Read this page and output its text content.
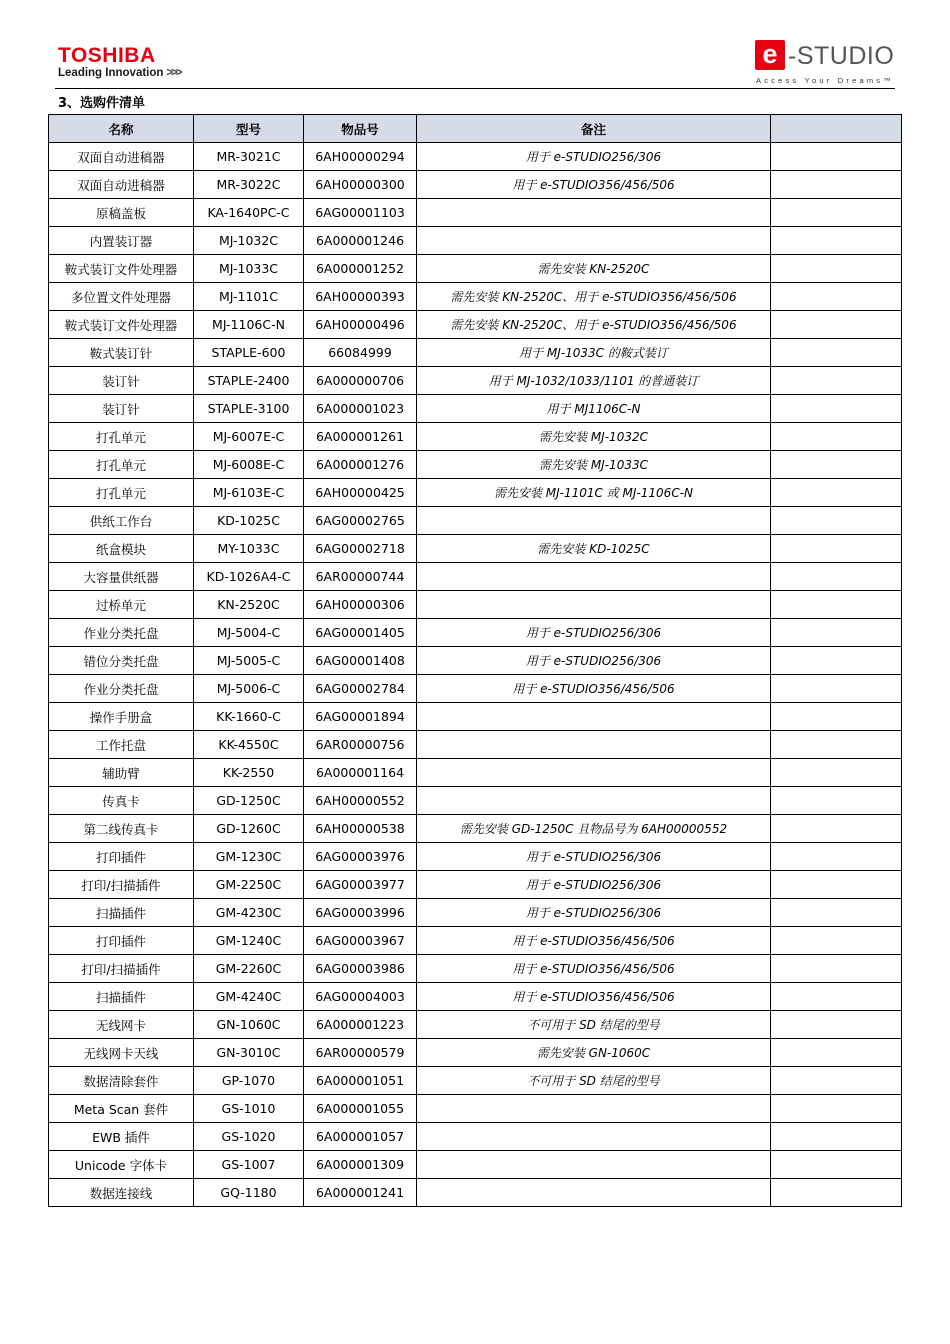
TOSHIBA
Leading Innovation >>>
e -STUDIO
Access Your Dreams™
3、选购件清单
名称	型号	物品号	备注	
双面自动进稿器	MR-3021C	6AH00000294	用于 e-STUDIO256/306	
双面自动进稿器	MR-3022C	6AH00000300	用于 e-STUDIO356/456/506	
原稿盖板	KA-1640PC-C	6AG00001103		
内置装订器	MJ-1032C	6A000001246		
鞍式装订文件处理器	MJ-1033C	6A000001252	需先安装 KN-2520C	
多位置文件处理器	MJ-1101C	6AH00000393	需先安装 KN-2520C、用于 e-STUDIO356/456/506	
鞍式装订文件处理器	MJ-1106C-N	6AH00000496	需先安装 KN-2520C、用于 e-STUDIO356/456/506	
鞍式装订针	STAPLE-600	66084999	用于 MJ-1033C 的鞍式装订	
装订针	STAPLE-2400	6A000000706	用于 MJ-1032/1033/1101 的普通装订	
装订针	STAPLE-3100	6A000001023	用于 MJ1106C-N	
打孔单元	MJ-6007E-C	6A000001261	需先安装 MJ-1032C	
打孔单元	MJ-6008E-C	6A000001276	需先安装 MJ-1033C	
打孔单元	MJ-6103E-C	6AH00000425	需先安装 MJ-1101C 或 MJ-1106C-N	
供纸工作台	KD-1025C	6AG00002765		
纸盒模块	MY-1033C	6AG00002718	需先安装 KD-1025C	
大容量供纸器	KD-1026A4-C	6AR00000744		
过桥单元	KN-2520C	6AH00000306		
作业分类托盘	MJ-5004-C	6AG00001405	用于 e-STUDIO256/306	
错位分类托盘	MJ-5005-C	6AG00001408	用于 e-STUDIO256/306	
作业分类托盘	MJ-5006-C	6AG00002784	用于 e-STUDIO356/456/506	
操作手册盒	KK-1660-C	6AG00001894		
工作托盘	KK-4550C	6AR00000756		
辅助臂	KK-2550	6A000001164		
传真卡	GD-1250C	6AH00000552		
第二线传真卡	GD-1260C	6AH00000538	需先安装 GD-1250C 且物品号为 6AH00000552	
打印插件	GM-1230C	6AG00003976	用于 e-STUDIO256/306	
打印/扫描插件	GM-2250C	6AG00003977	用于 e-STUDIO256/306	
扫描插件	GM-4230C	6AG00003996	用于 e-STUDIO256/306	
打印插件	GM-1240C	6AG00003967	用于 e-STUDIO356/456/506	
打印/扫描插件	GM-2260C	6AG00003986	用于 e-STUDIO356/456/506	
扫描插件	GM-4240C	6AG00004003	用于 e-STUDIO356/456/506	
无线网卡	GN-1060C	6A000001223	不可用于 SD 结尾的型号	
无线网卡天线	GN-3010C	6AR00000579	需先安装 GN-1060C	
数据清除套件	GP-1070	6A000001051	不可用于 SD 结尾的型号	
Meta Scan 套件	GS-1010	6A000001055		
EWB 插件	GS-1020	6A000001057		
Unicode 字体卡	GS-1007	6A000001309		
数据连接线	GQ-1180	6A000001241		
